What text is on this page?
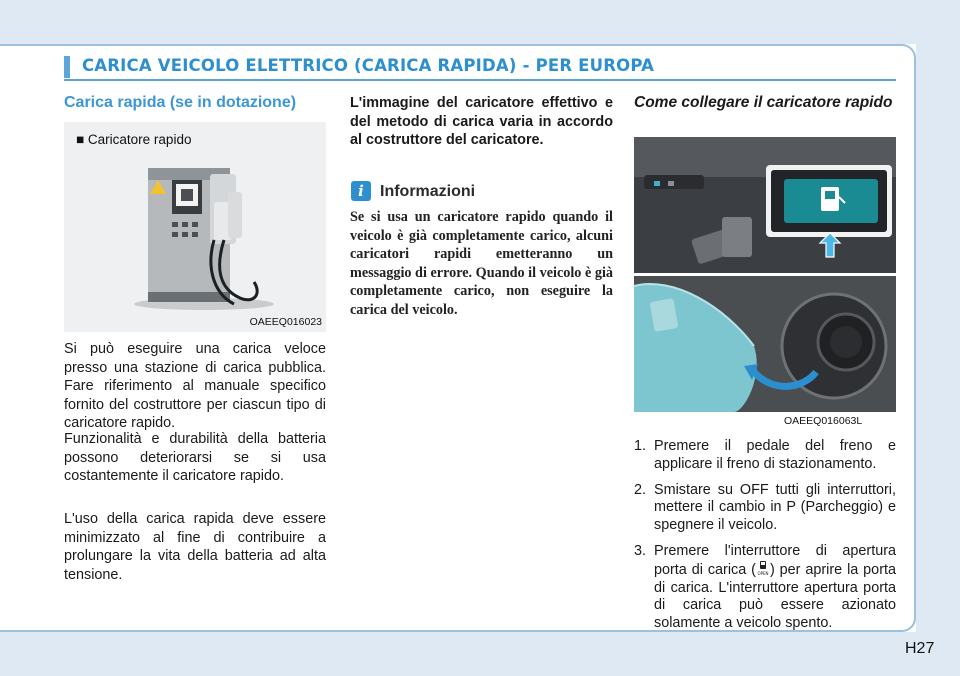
CARICA VEICOLO ELETTRICO (CARICA RAPIDA) - PER EUROPA
Carica rapida (se in dotazione)
■ Caricatore rapido
OAEEQ016023

Si può eseguire una carica veloce presso una stazione di carica pubblica. Fare riferimento al manuale specifico fornito del costruttore per ciascun tipo di caricatore rapido.

Funzionalità e durabilità della batteria possono deteriorarsi se si usa costantemente il caricatore rapido.

L'uso della carica rapida deve essere minimizzato al fine di contribuire a prolungare la vita della batteria ad alta tensione.

L'immagine del caricatore effettivo e del metodo di carica varia in accordo al costruttore del caricatore.

i	Informazioni

Se si usa un caricatore rapido quando il veicolo è già completamente carico, alcuni caricatori rapidi emetteranno un messaggio di errore. Quando il veicolo è già completamente carico, non eseguire la carica del veicolo.

Come collegare il caricatore rapido
OAEEQ016063L
1. Premere il pedale del freno e applicare il freno di stazionamento.
2. Smistare su OFF tutti gli interruttori, mettere il cambio in P (Parcheggio) e spegnere il veicolo.
3. Premere l'interruttore di apertura porta di carica ( OPEN ) per aprire la porta di carica. L'interruttore apertura porta di carica può essere azionato solamente a veicolo spento.
H27
